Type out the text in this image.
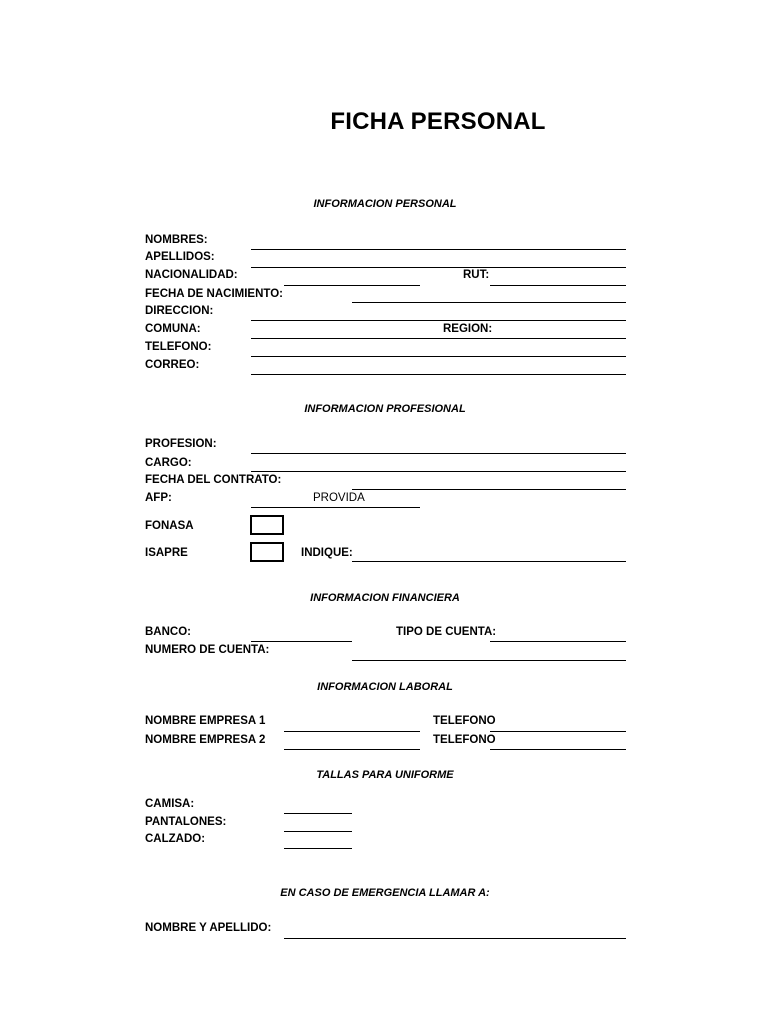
FICHA PERSONAL
INFORMACION PERSONAL
NOMBRES:
APELLIDOS:
NACIONALIDAD:	RUT:
FECHA DE NACIMIENTO:
DIRECCION:
COMUNA:	REGION:
TELEFONO:
CORREO:
INFORMACION PROFESIONAL
PROFESION:
CARGO:
FECHA DEL CONTRATO:
AFP:	PROVIDA
FONASA
ISAPRE	INDIQUE:
INFORMACION FINANCIERA
BANCO:	TIPO DE CUENTA:
NUMERO DE CUENTA:
INFORMACION LABORAL
NOMBRE EMPRESA 1	TELEFONO
NOMBRE EMPRESA 2	TELEFONO
TALLAS PARA UNIFORME
CAMISA:
PANTALONES:
CALZADO:
EN CASO DE EMERGENCIA LLAMAR A:
NOMBRE Y APELLIDO:
